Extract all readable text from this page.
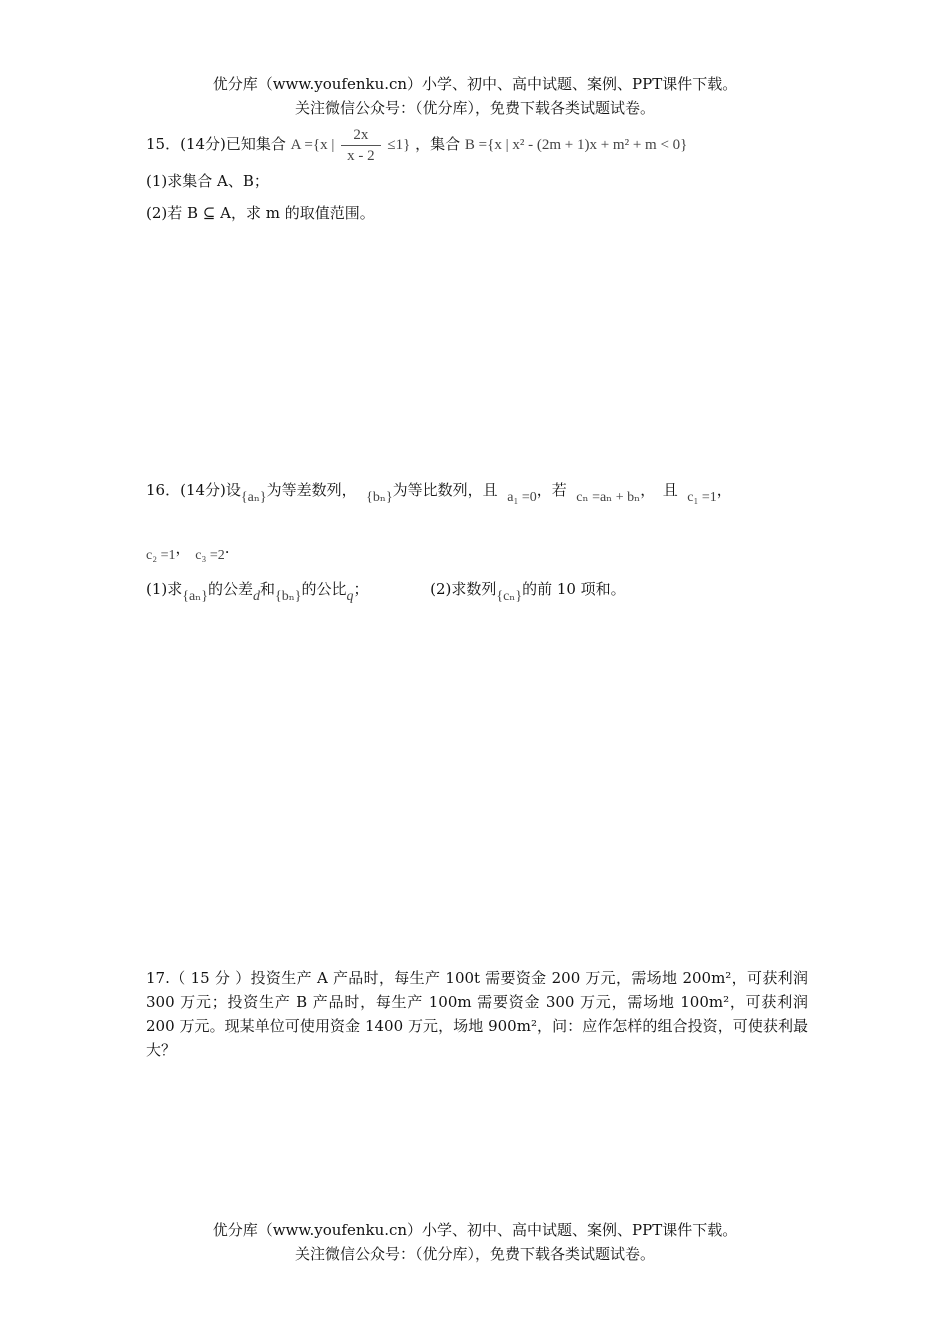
优分库（www.youfenku.cn）小学、初中、高中试题、案例、PPT课件下载。
关注微信公众号：（优分库），免费下载各类试题试卷。
15．(14分)已知集合 A ={x | $\frac{2x}{x - 2} \le 1$} ，集合 B ={x | x² - (2m + 1)x + m² + m < 0}
(1)求集合 A、B；
(2)若 B ⊆ A，求 m 的取值范围。
16．(14分)设{aₙ}为等差数列， {bₙ}为等比数列，且 a₁ =0，若 cₙ =aₙ + bₙ，　且 c₁ =1，
c₂ =1， c₃ =2.
(1)求{aₙ}的公差d和{bₙ}的公比q；	(2)求数列{cₙ}的前 10 项和。
17.（ 15 分 ）投资生产 A 产品时，每生产 100t 需要资金 200 万元，需场地 200m²，可获利润 300 万元；投资生产 B 产品时，每生产 100m 需要资金 300 万元，需场地 100m²，可获利润 200 万元。现某单位可使用资金 1400 万元，场地 900m²，问：应作怎样的组合投资，可使获利最大？
优分库（www.youfenku.cn）小学、初中、高中试题、案例、PPT课件下载。
关注微信公众号：（优分库），免费下载各类试题试卷。
